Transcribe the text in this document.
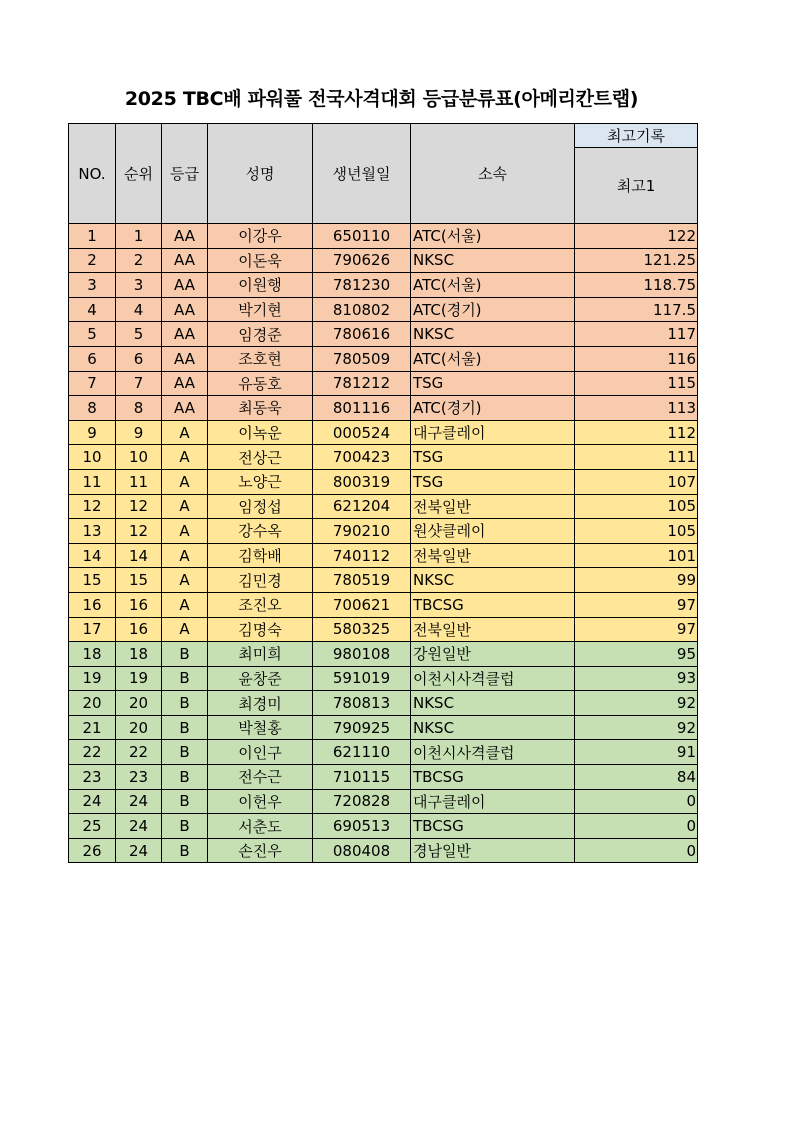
2025 TBC배 파워풀 전국사격대회 등급분류표(아메리칸트랩)
NO.	순위	등급	성명	생년월일	소속	최고기록
						최고1
1	1	AA	이강우	650110	ATC(서울)	122
2	2	AA	이돈욱	790626	NKSC	121.25
3	3	AA	이원행	781230	ATC(서울)	118.75
4	4	AA	박기현	810802	ATC(경기)	117.5
5	5	AA	임경준	780616	NKSC	117
6	6	AA	조호현	780509	ATC(서울)	116
7	7	AA	유동호	781212	TSG	115
8	8	AA	최동욱	801116	ATC(경기)	113
9	9	A	이녹운	000524	대구클레이	112
10	10	A	전상근	700423	TSG	111
11	11	A	노양근	800319	TSG	107
12	12	A	임정섭	621204	전북일반	105
13	12	A	강수옥	790210	원샷클레이	105
14	14	A	김학배	740112	전북일반	101
15	15	A	김민경	780519	NKSC	99
16	16	A	조진오	700621	TBCSG	97
17	16	A	김명숙	580325	전북일반	97
18	18	B	최미희	980108	강원일반	95
19	19	B	윤창준	591019	이천시사격클럽	93
20	20	B	최경미	780813	NKSC	92
21	20	B	박철홍	790925	NKSC	92
22	22	B	이인구	621110	이천시사격클럽	91
23	23	B	전수근	710115	TBCSG	84
24	24	B	이헌우	720828	대구클레이	0
25	24	B	서춘도	690513	TBCSG	0
26	24	B	손진우	080408	경남일반	0
